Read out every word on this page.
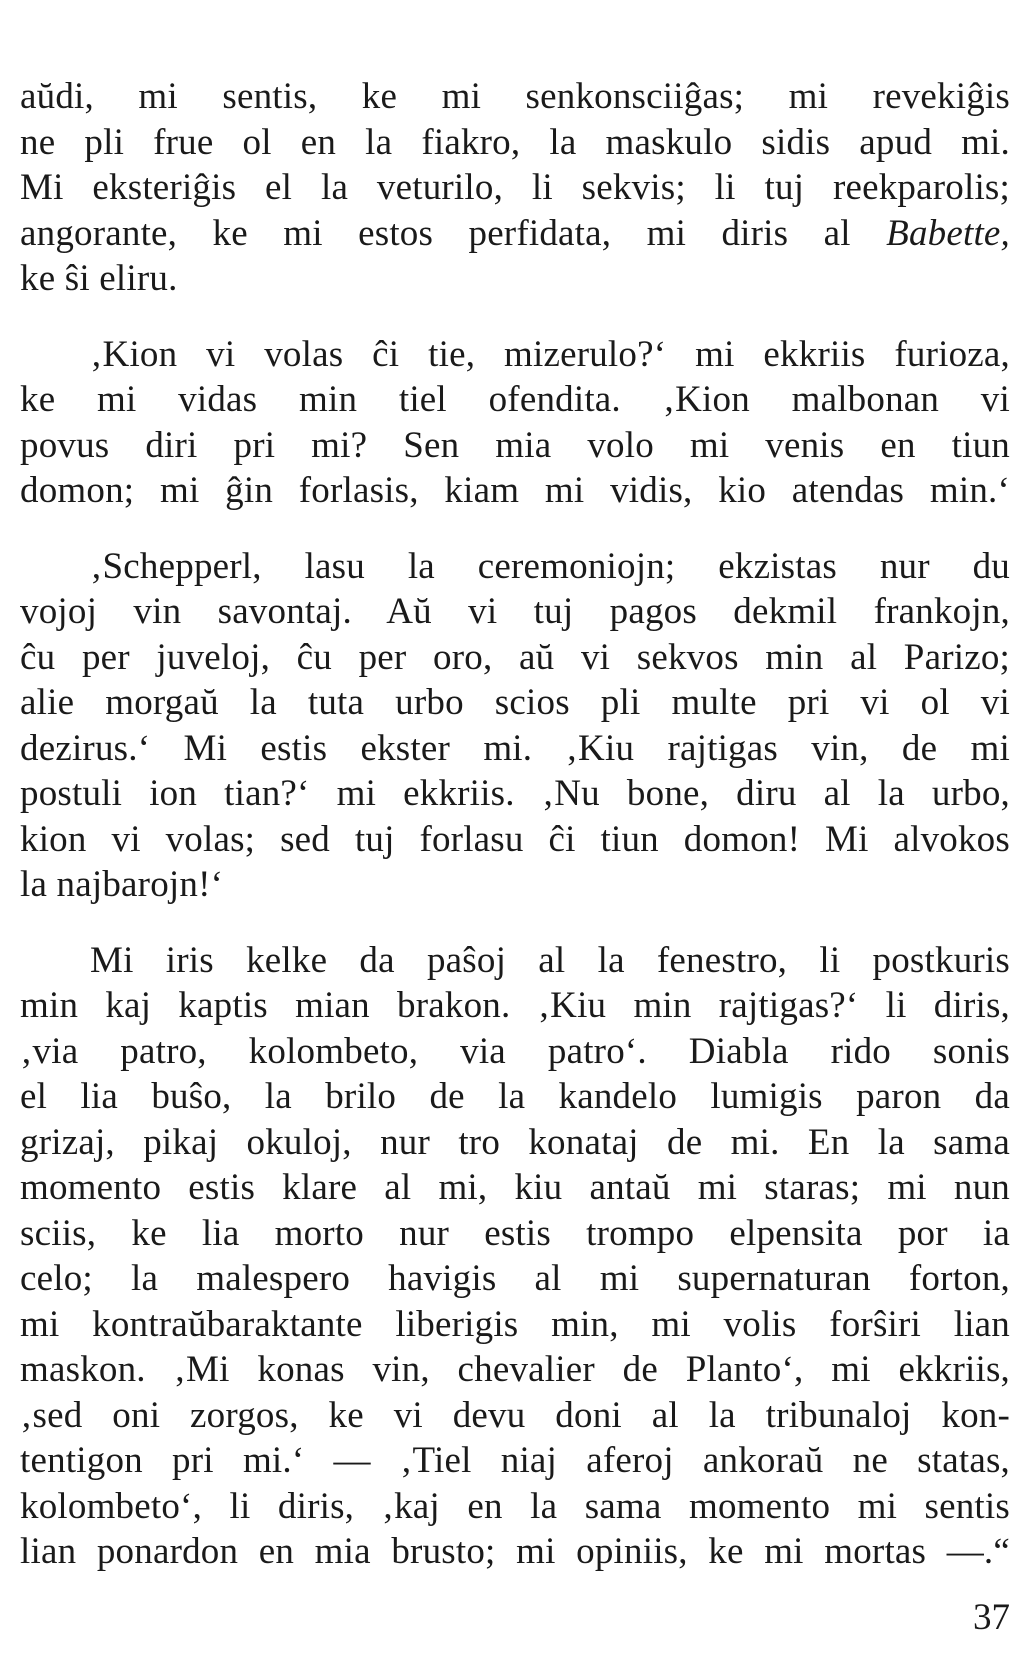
aŭdi, mi sentis, ke mi senkonsciiĝas; mi revekiĝis
ne pli frue ol en la fiakro, la maskulo sidis apud mi.
Mi eksteriĝis el la veturilo, li sekvis; li tuj reekparolis;
angorante, ke mi estos perfidata, mi diris al Babette,
ke ŝi eliru.
‚Kion vi volas ĉi tie, mizerulo?‘ mi ekkriis furioza,
ke mi vidas min tiel ofendita. ‚Kion malbonan vi
povus diri pri mi? Sen mia volo mi venis en tiun
domon; mi ĝin forlasis, kiam mi vidis, kio atendas min.‘
‚Schepperl, lasu la ceremoniojn; ekzistas nur du
vojoj vin savontaj. Aŭ vi tuj pagos dekmil frankojn,
ĉu per juveloj, ĉu per oro, aŭ vi sekvos min al Parizo;
alie morgaŭ la tuta urbo scios pli multe pri vi ol vi
dezirus.‘ Mi estis ekster mi. ‚Kiu rajtigas vin, de mi
postuli ion tian?‘ mi ekkriis. ‚Nu bone, diru al la urbo,
kion vi volas; sed tuj forlasu ĉi tiun domon! Mi alvokos
la najbarojn!‘
Mi iris kelke da paŝoj al la fenestro, li postkuris
min kaj kaptis mian brakon. ‚Kiu min rajtigas?‘ li diris,
‚via patro, kolombeto, via patro‘. Diabla rido sonis
el lia buŝo, la brilo de la kandelo lumigis paron da
grizaj, pikaj okuloj, nur tro konataj de mi. En la sama
momento estis klare al mi, kiu antaŭ mi staras; mi nun
sciis, ke lia morto nur estis trompo elpensita por ia
celo; la malespero havigis al mi supernaturan forton,
mi kontraŭbaraktante liberigis min, mi volis forŝiri lian
maskon. ‚Mi konas vin, chevalier de Planto‘, mi ekkriis,
‚sed oni zorgos, ke vi devu doni al la tribunaloj kon-
tentigon pri mi.‘ — ‚Tiel niaj aferoj ankoraŭ ne statas,
kolombeto‘, li diris, ‚kaj en la sama momento mi sentis
lian ponardon en mia brusto; mi opiniis, ke mi mortas —.“
37
